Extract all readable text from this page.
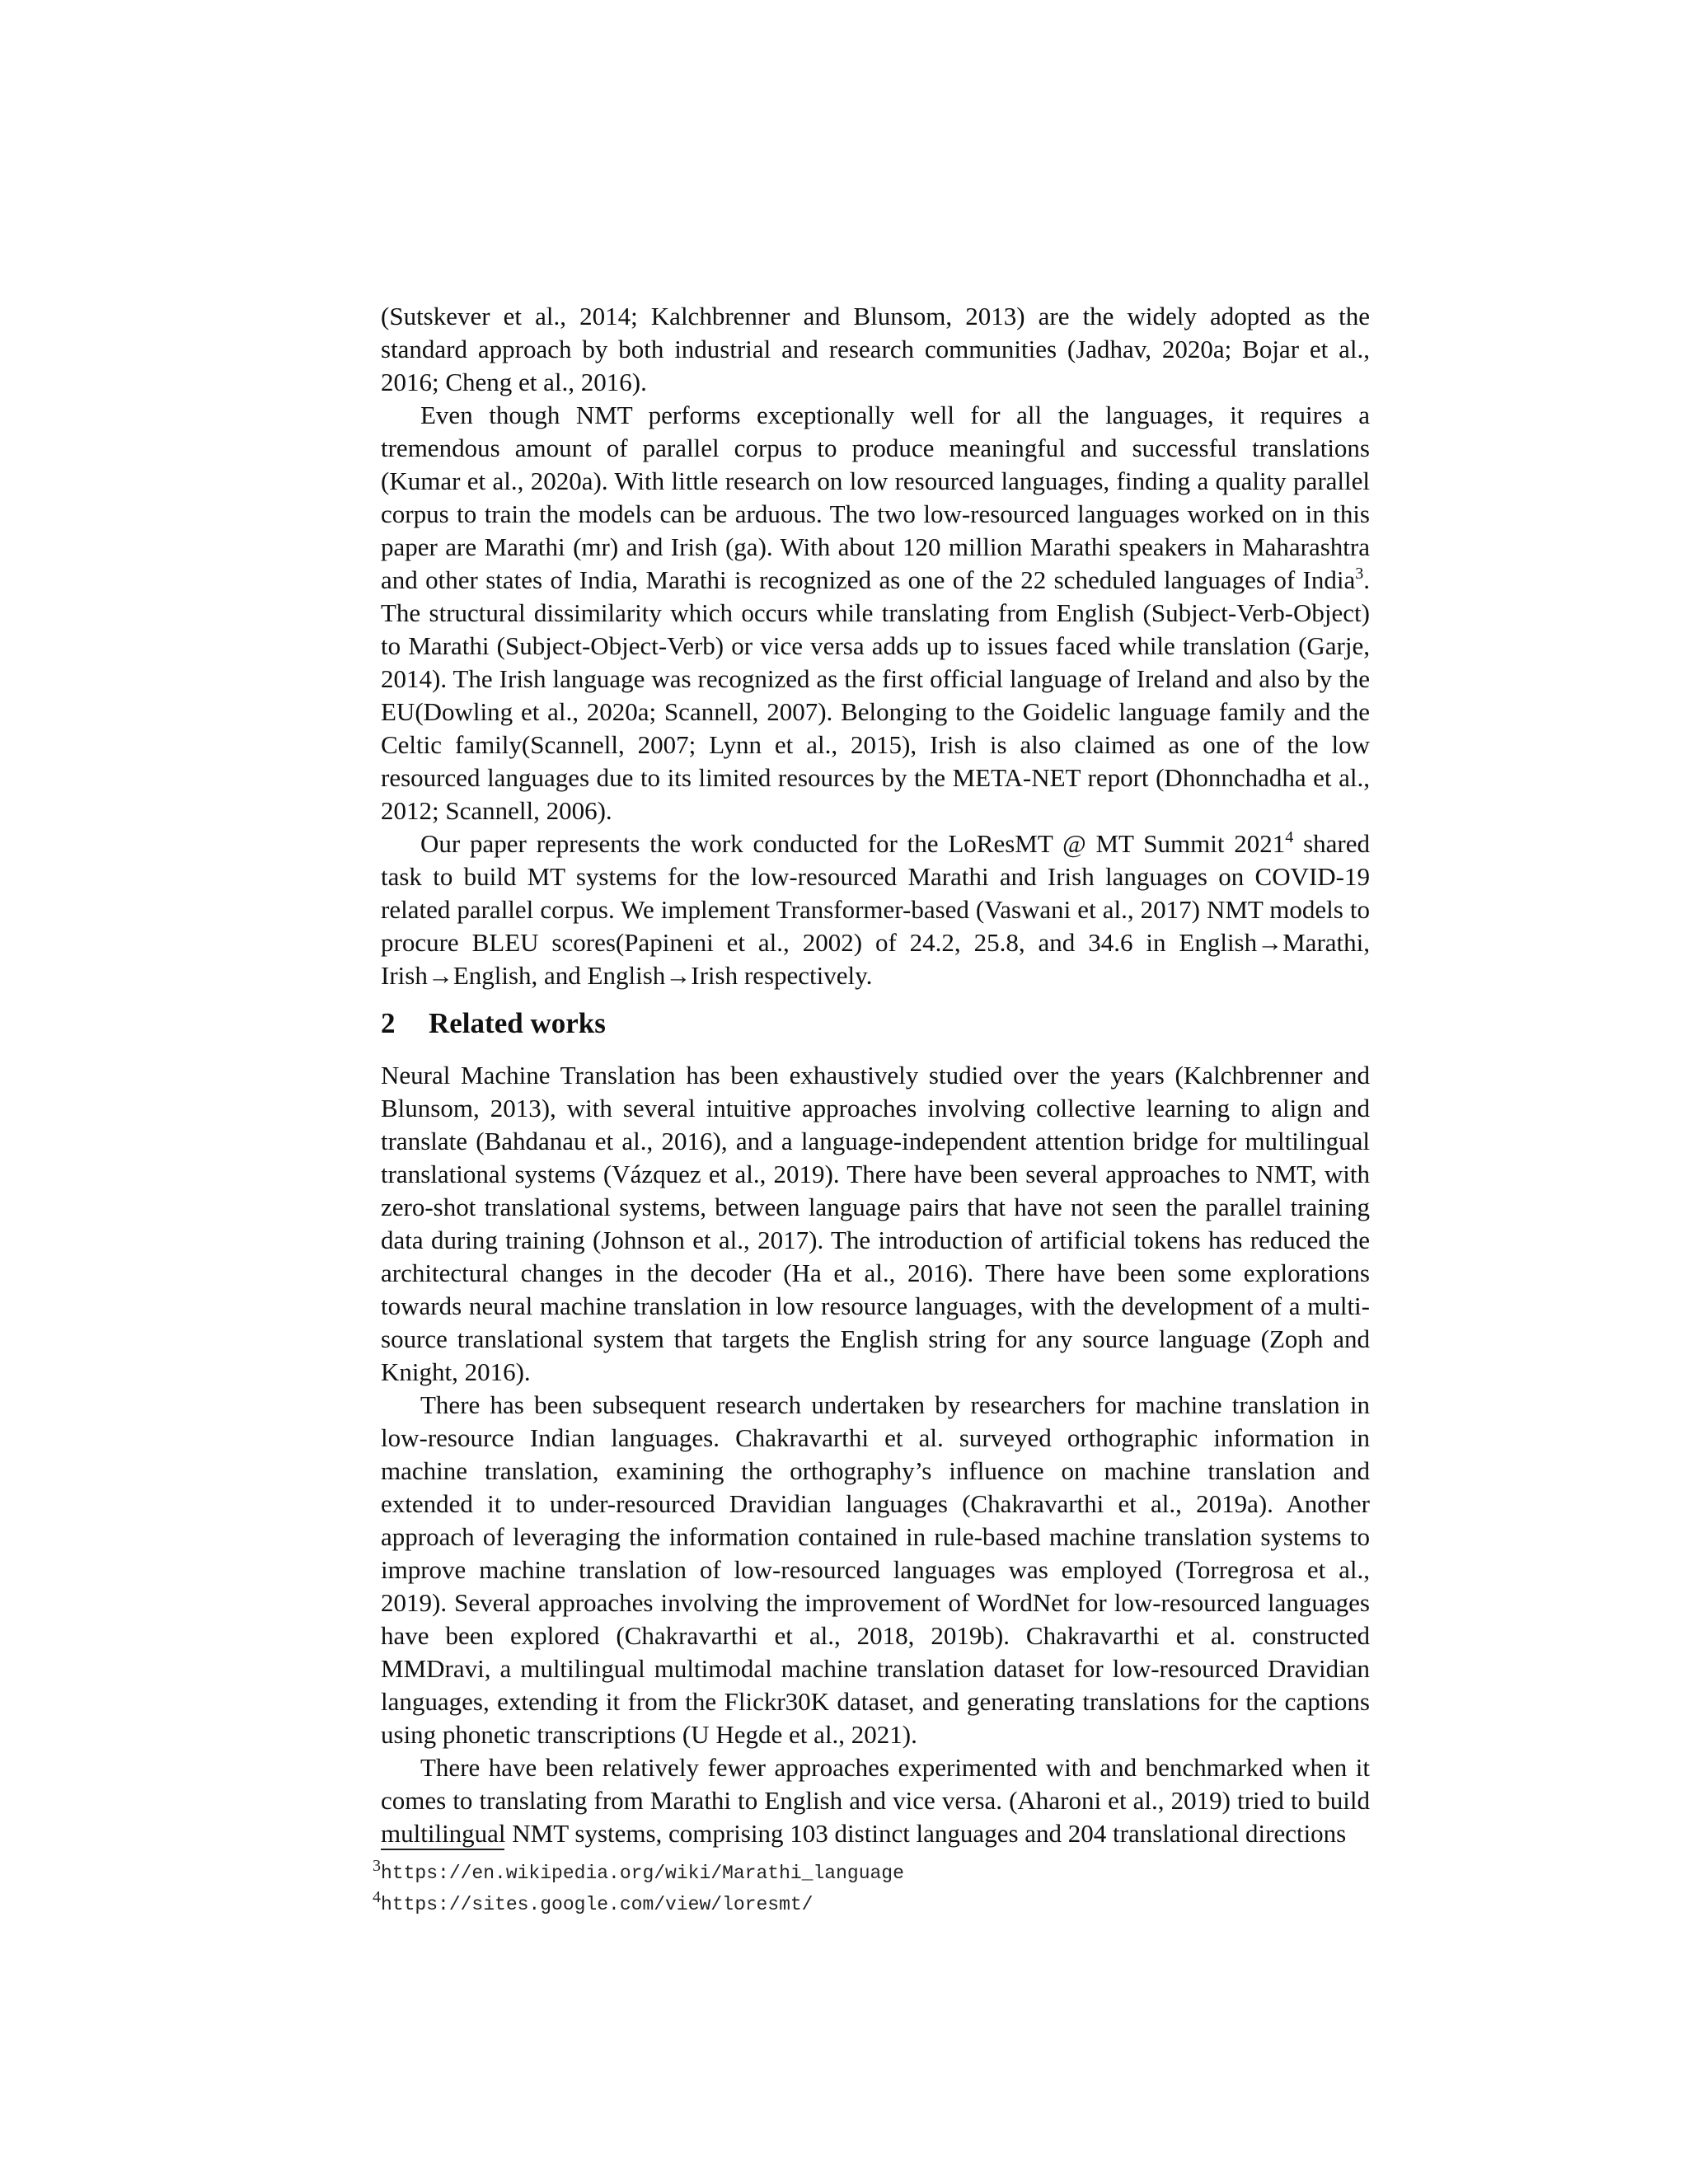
(Sutskever et al., 2014; Kalchbrenner and Blunsom, 2013) are the widely adopted as the standard approach by both industrial and research communities (Jadhav, 2020a; Bojar et al., 2016; Cheng et al., 2016).

Even though NMT performs exceptionally well for all the languages, it requires a tremendous amount of parallel corpus to produce meaningful and successful translations (Kumar et al., 2020a). With little research on low resourced languages, finding a quality parallel corpus to train the models can be arduous. The two low-resourced languages worked on in this paper are Marathi (mr) and Irish (ga). With about 120 million Marathi speakers in Maharashtra and other states of India, Marathi is recognized as one of the 22 scheduled languages of India$^3$. The structural dissimilarity which occurs while translating from English (Subject-Verb-Object) to Marathi (Subject-Object-Verb) or vice versa adds up to issues faced while translation (Garje, 2014). The Irish language was recognized as the first official language of Ireland and also by the EU(Dowling et al., 2020a; Scannell, 2007). Belonging to the Goidelic language family and the Celtic family(Scannell, 2007; Lynn et al., 2015), Irish is also claimed as one of the low resourced languages due to its limited resources by the META-NET report (Dhonnchadha et al., 2012; Scannell, 2006).

Our paper represents the work conducted for the LoResMT @ MT Summit 2021$^4$ shared task to build MT systems for the low-resourced Marathi and Irish languages on COVID-19 related parallel corpus. We implement Transformer-based (Vaswani et al., 2017) NMT models to procure BLEU scores(Papineni et al., 2002) of 24.2, 25.8, and 34.6 in English→Marathi, Irish→English, and English→Irish respectively.

2 Related works

Neural Machine Translation has been exhaustively studied over the years (Kalchbrenner and Blunsom, 2013), with several intuitive approaches involving collective learning to align and translate (Bahdanau et al., 2016), and a language-independent attention bridge for multilingual translational systems (Vázquez et al., 2019). There have been several approaches to NMT, with zero-shot translational systems, between language pairs that have not seen the parallel training data during training (Johnson et al., 2017). The introduction of artificial tokens has reduced the architectural changes in the decoder (Ha et al., 2016). There have been some explorations towards neural machine translation in low resource languages, with the development of a multi-source translational system that targets the English string for any source language (Zoph and Knight, 2016).

There has been subsequent research undertaken by researchers for machine translation in low-resource Indian languages. Chakravarthi et al. surveyed orthographic information in machine translation, examining the orthography’s influence on machine translation and extended it to under-resourced Dravidian languages (Chakravarthi et al., 2019a). Another approach of leveraging the information contained in rule-based machine translation systems to improve machine translation of low-resourced languages was employed (Torregrosa et al., 2019). Several approaches involving the improvement of WordNet for low-resourced languages have been explored (Chakravarthi et al., 2018, 2019b). Chakravarthi et al. constructed MMDravi, a multilingual multimodal machine translation dataset for low-resourced Dravidian languages, extending it from the Flickr30K dataset, and generating translations for the captions using phonetic transcriptions (U Hegde et al., 2021).

There have been relatively fewer approaches experimented with and benchmarked when it comes to translating from Marathi to English and vice versa. (Aharoni et al., 2019) tried to build multilingual NMT systems, comprising 103 distinct languages and 204 translational directions

3https://en.wikipedia.org/wiki/Marathi_language
4https://sites.google.com/view/loresmt/
